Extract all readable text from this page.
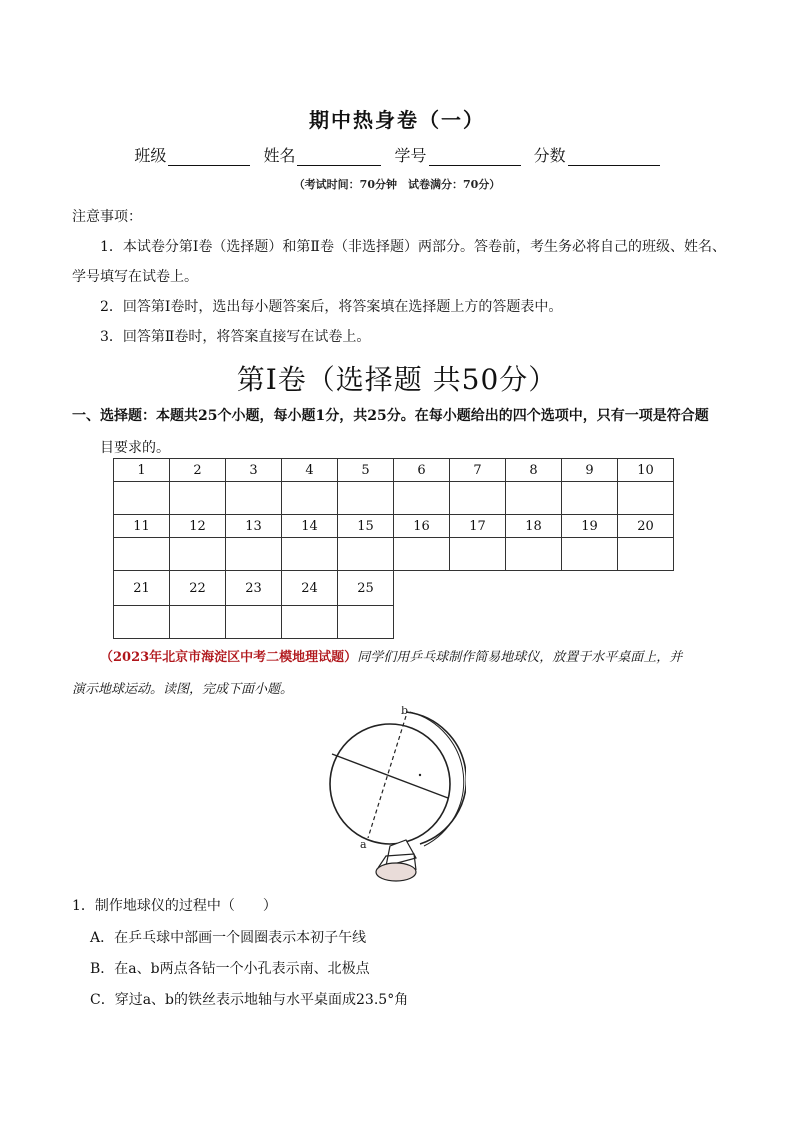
期中热身卷（一）
班级	姓名	学号	分数
（考试时间：70分钟　试卷满分：70分）
注意事项：

1．本试卷分第Ⅰ卷（选择题）和第Ⅱ卷（非选择题）两部分。答卷前，考生务必将自己的班级、姓名、

学号填写在试卷上。

2．回答第Ⅰ卷时，选出每小题答案后，将答案填在选择题上方的答题表中。

3．回答第Ⅱ卷时，将答案直接写在试卷上。

第Ⅰ卷（选择题 共50分）
一、选择题：本题共25个小题，每小题1分，共25分。在每小题给出的四个选项中，只有一项是符合题
目要求的。
1	2	3	4	5	6	7	8	9	10

11	12	13	14	15	16	17	18	19	20

21	22	23	24	25					

（2023年北京市海淀区中考二模地理试题）同学们用乒乓球制作简易地球仪，放置于水平桌面上，并
演示地球运动。读图，完成下面小题。
b
a
1．制作地球仪的过程中（　　）
A．在乒乓球中部画一个圆圈表示本初子午线
B．在a、b两点各钻一个小孔表示南、北极点
C．穿过a、b的铁丝表示地轴与水平桌面成23.5°角
